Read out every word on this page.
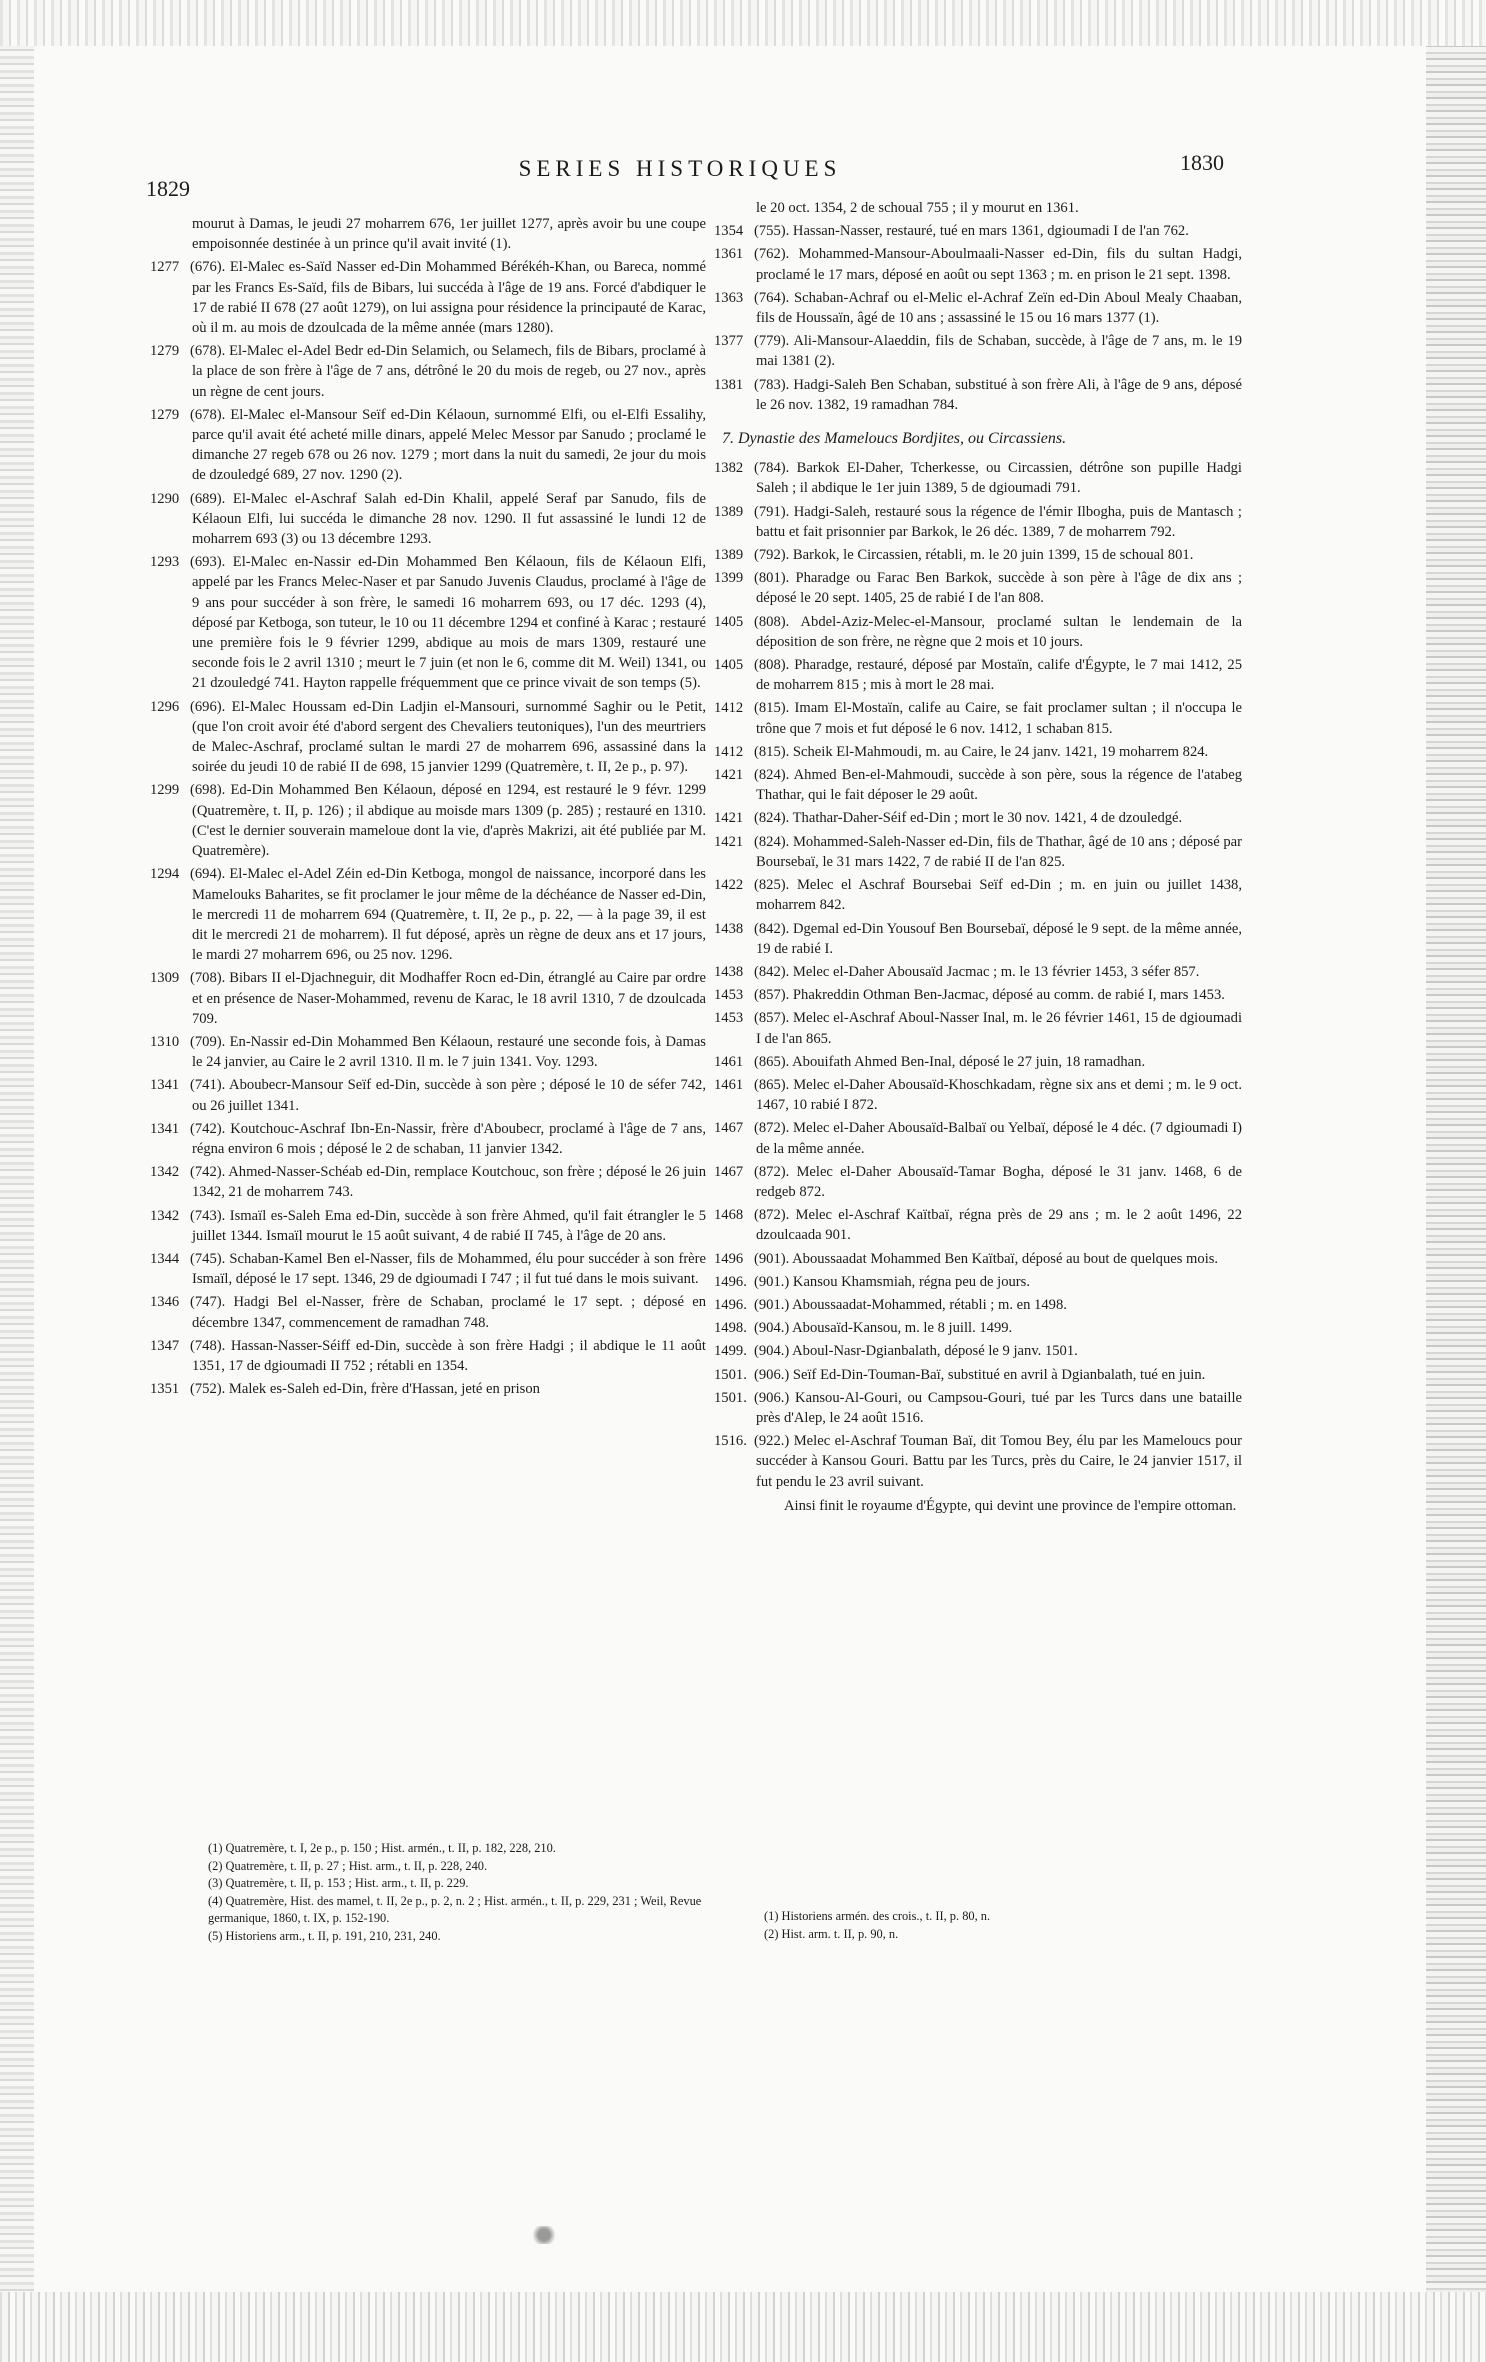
1829
SERIES HISTORIQUES	1830

mourut à Damas, le jeudi 27 moharrem 676, 1er juillet 1277, après avoir bu une coupe empoisonnée destinée à un prince qu'il avait invité (1).

1277 (676). El-Malec es-Saïd Nasser ed-Din Mohammed Bérékéh-Khan, ou Bareca, nommé par les Francs Es-Saïd, fils de Bibars, lui succéda à l'âge de 19 ans. Forcé d'abdiquer le 17 de rabié II 678 (27 août 1279), on lui assigna pour résidence la principauté de Karac, où il m. au mois de dzoulcada de la même année (mars 1280).

1279 (678). El-Malec el-Adel Bedr ed-Din Selamich, ou Selamech, fils de Bibars, proclamé à la place de son frère à l'âge de 7 ans, détrôné le 20 du mois de regeb, ou 27 nov., après un règne de cent jours.

1279 (678). El-Malec el-Mansour Seïf ed-Din Kélaoun, surnommé Elfi, ou el-Elfi Essalihy, parce qu'il avait été acheté mille dinars, appelé Melec Messor par Sanudo ; proclamé le dimanche 27 regeb 678 ou 26 nov. 1279 ; mort dans la nuit du samedi, 2e jour du mois de dzouledgé 689, 27 nov. 1290 (2).

1290 (689). El-Malec el-Aschraf Salah ed-Din Khalil, appelé Seraf par Sanudo, fils de Kélaoun Elfi, lui succéda le dimanche 28 nov. 1290. Il fut assassiné le lundi 12 de moharrem 693 (3) ou 13 décembre 1293.

1293 (693). El-Malec en-Nassir ed-Din Mohammed Ben Kélaoun, fils de Kélaoun Elfi, appelé par les Francs Melec-Naser et par Sanudo Juvenis Claudus, proclamé à l'âge de 9 ans pour succéder à son frère, le samedi 16 moharrem 693, ou 17 déc. 1293 (4), déposé par Ketboga, son tuteur, le 10 ou 11 décembre 1294 et confiné à Karac ; restauré une première fois le 9 février 1299, abdique au mois de mars 1309, restauré une seconde fois le 2 avril 1310 ; meurt le 7 juin (et non le 6, comme dit M. Weil) 1341, ou 21 dzouledgé 741. Hayton rappelle fréquemment que ce prince vivait de son temps (5).

1296 (696). El-Malec Houssam ed-Din Ladjin el-Mansouri, surnommé Saghir ou le Petit, (que l'on croit avoir été d'abord sergent des Chevaliers teutoniques), l'un des meurtriers de Malec-Aschraf, proclamé sultan le mardi 27 de moharrem 696, assassiné dans la soirée du jeudi 10 de rabié II de 698, 15 janvier 1299 (Quatremère, t. II, 2e p., p. 97).

1299 (698). Ed-Din Mohammed Ben Kélaoun, déposé en 1294, est restauré le 9 févr. 1299 (Quatremère, t. II, p. 126) ; il abdique au moisde mars 1309 (p. 285) ; restauré en 1310. (C'est le dernier souverain mameloue dont la vie, d'après Makrizi, ait été publiée par M. Quatremère).

1294 (694). El-Malec el-Adel Zéin ed-Din Ketboga, mongol de naissance, incorporé dans les Mamelouks Baharites, se fit proclamer le jour même de la déchéance de Nasser ed-Din, le mercredi 11 de moharrem 694 (Quatremère, t. II, 2e p., p. 22, — à la page 39, il est dit le mercredi 21 de moharrem). Il fut déposé, après un règne de deux ans et 17 jours, le mardi 27 moharrem 696, ou 25 nov. 1296.

1309 (708). Bibars II el-Djachneguir, dit Modhaffer Rocn ed-Din, étranglé au Caire par ordre et en présence de Naser-Mohammed, revenu de Karac, le 18 avril 1310, 7 de dzoulcada 709.

1310 (709). En-Nassir ed-Din Mohammed Ben Kélaoun, restauré une seconde fois, à Damas le 24 janvier, au Caire le 2 avril 1310. Il m. le 7 juin 1341. Voy. 1293.

1341 (741). Aboubecr-Mansour Seïf ed-Din, succède à son père ; déposé le 10 de séfer 742, ou 26 juillet 1341.

1341 (742). Koutchouc-Aschraf Ibn-En-Nassir, frère d'Aboubecr, proclamé à l'âge de 7 ans, régna environ 6 mois ; déposé le 2 de schaban, 11 janvier 1342.

1342 (742). Ahmed-Nasser-Schéab ed-Din, remplace Koutchouc, son frère ; déposé le 26 juin 1342, 21 de moharrem 743.

1342 (743). Ismaïl es-Saleh Ema ed-Din, succède à son frère Ahmed, qu'il fait étrangler le 5 juillet 1344. Ismaïl mourut le 15 août suivant, 4 de rabié II 745, à l'âge de 20 ans.

1344 (745). Schaban-Kamel Ben el-Nasser, fils de Mohammed, élu pour succéder à son frère Ismaïl, déposé le 17 sept. 1346, 29 de dgioumadi I 747 ; il fut tué dans le mois suivant.

1346 (747). Hadgi Bel el-Nasser, frère de Schaban, proclamé le 17 sept. ; déposé en décembre 1347, commencement de ramadhan 748.

1347 (748). Hassan-Nasser-Séiff ed-Din, succède à son frère Hadgi ; il abdique le 11 août 1351, 17 de dgioumadi II 752 ; rétabli en 1354.

1351 (752). Malek es-Saleh ed-Din, frère d'Hassan, jeté en prison

le 20 oct. 1354, 2 de schoual 755 ; il y mourut en 1361.

1354 (755). Hassan-Nasser, restauré, tué en mars 1361, dgioumadi I de l'an 762.

1361 (762). Mohammed-Mansour-Aboulmaali-Nasser ed-Din, fils du sultan Hadgi, proclamé le 17 mars, déposé en août ou sept 1363 ; m. en prison le 21 sept. 1398.

1363 (764). Schaban-Achraf ou el-Melic el-Achraf Zeïn ed-Din Aboul Mealy Chaaban, fils de Houssaïn, âgé de 10 ans ; assassiné le 15 ou 16 mars 1377 (1).

1377 (779). Ali-Mansour-Alaeddin, fils de Schaban, succède, à l'âge de 7 ans, m. le 19 mai 1381 (2).

1381 (783). Hadgi-Saleh Ben Schaban, substitué à son frère Ali, à l'âge de 9 ans, déposé le 26 nov. 1382, 19 ramadhan 784.

7. Dynastie des Mameloucs Bordjites, ou Circassiens.

1382 (784). Barkok El-Daher, Tcherkesse, ou Circassien, détrône son pupille Hadgi Saleh ; il abdique le 1er juin 1389, 5 de dgioumadi 791.

1389 (791). Hadgi-Saleh, restauré sous la régence de l'émir Ilbogha, puis de Mantasch ; battu et fait prisonnier par Barkok, le 26 déc. 1389, 7 de moharrem 792.

1389 (792). Barkok, le Circassien, rétabli, m. le 20 juin 1399, 15 de schoual 801.

1399 (801). Pharadge ou Farac Ben Barkok, succède à son père à l'âge de dix ans ; déposé le 20 sept. 1405, 25 de rabié I de l'an 808.

1405 (808). Abdel-Aziz-Melec-el-Mansour, proclamé sultan le lendemain de la déposition de son frère, ne règne que 2 mois et 10 jours.

1405 (808). Pharadge, restauré, déposé par Mostaïn, calife d'Égypte, le 7 mai 1412, 25 de moharrem 815 ; mis à mort le 28 mai.

1412 (815). Imam El-Mostaïn, calife au Caire, se fait proclamer sultan ; il n'occupa le trône que 7 mois et fut déposé le 6 nov. 1412, 1 schaban 815.

1412 (815). Scheik El-Mahmoudi, m. au Caire, le 24 janv. 1421, 19 moharrem 824.

1421 (824). Ahmed Ben-el-Mahmoudi, succède à son père, sous la régence de l'atabeg Thathar, qui le fait déposer le 29 août.

1421 (824). Thathar-Daher-Séif ed-Din ; mort le 30 nov. 1421, 4 de dzouledgé.

1421 (824). Mohammed-Saleh-Nasser ed-Din, fils de Thathar, âgé de 10 ans ; déposé par Boursebaï, le 31 mars 1422, 7 de rabié II de l'an 825.

1422 (825). Melec el Aschraf Boursebai Seïf ed-Din ; m. en juin ou juillet 1438, moharrem 842.

1438 (842). Dgemal ed-Din Yousouf Ben Boursebaï, déposé le 9 sept. de la même année, 19 de rabié I.

1438 (842). Melec el-Daher Abousaïd Jacmac ; m. le 13 février 1453, 3 séfer 857.

1453 (857). Phakreddin Othman Ben-Jacmac, déposé au comm. de rabié I, mars 1453.

1453 (857). Melec el-Aschraf Aboul-Nasser Inal, m. le 26 février 1461, 15 de dgioumadi I de l'an 865.

1461 (865). Abouifath Ahmed Ben-Inal, déposé le 27 juin, 18 ramadhan.

1461 (865). Melec el-Daher Abousaïd-Khoschkadam, règne six ans et demi ; m. le 9 oct. 1467, 10 rabié I 872.

1467 (872). Melec el-Daher Abousaïd-Balbaï ou Yelbaï, déposé le 4 déc. (7 dgioumadi I) de la même année.

1467 (872). Melec el-Daher Abousaïd-Tamar Bogha, déposé le 31 janv. 1468, 6 de redgeb 872.

1468 (872). Melec el-Aschraf Kaïtbaï, régna près de 29 ans ; m. le 2 août 1496, 22 dzoulcaada 901.

1496 (901). Aboussaadat Mohammed Ben Kaïtbaï, déposé au bout de quelques mois.

1496. (901.) Kansou Khamsmiah, régna peu de jours.

1496. (901.) Aboussaadat-Mohammed, rétabli ; m. en 1498.

1498. (904.) Abousaïd-Kansou, m. le 8 juill. 1499.

1499. (904.) Aboul-Nasr-Dgianbalath, déposé le 9 janv. 1501.

1501. (906.) Seïf Ed-Din-Touman-Baï, substitué en avril à Dgianbalath, tué en juin.

1501. (906.) Kansou-Al-Gouri, ou Campsou-Gouri, tué par les Turcs dans une bataille près d'Alep, le 24 août 1516.

1516. (922.) Melec el-Aschraf Touman Baï, dit Tomou Bey, élu par les Mameloucs pour succéder à Kansou Gouri. Battu par les Turcs, près du Caire, le 24 janvier 1517, il fut pendu le 23 avril suivant.

Ainsi finit le royaume d'Égypte, qui devint une province de l'empire ottoman.

(1) Quatremère, t. I, 2e p., p. 150 ; Hist. armén., t. II, p. 182, 228, 210.

(2) Quatremère, t. II, p. 27 ; Hist. arm., t. II, p. 228, 240.

(3) Quatremère, t. II, p. 153 ; Hist. arm., t. II, p. 229.

(4) Quatremère, Hist. des mamel, t. II, 2e p., p. 2, n. 2 ; Hist. armén., t. II, p. 229, 231 ; Weil, Revue germanique, 1860, t. IX, p. 152-190.

(5) Historiens arm., t. II, p. 191, 210, 231, 240.

(1) Historiens armén. des crois., t. II, p. 80, n.

(2) Hist. arm. t. II, p. 90, n.
